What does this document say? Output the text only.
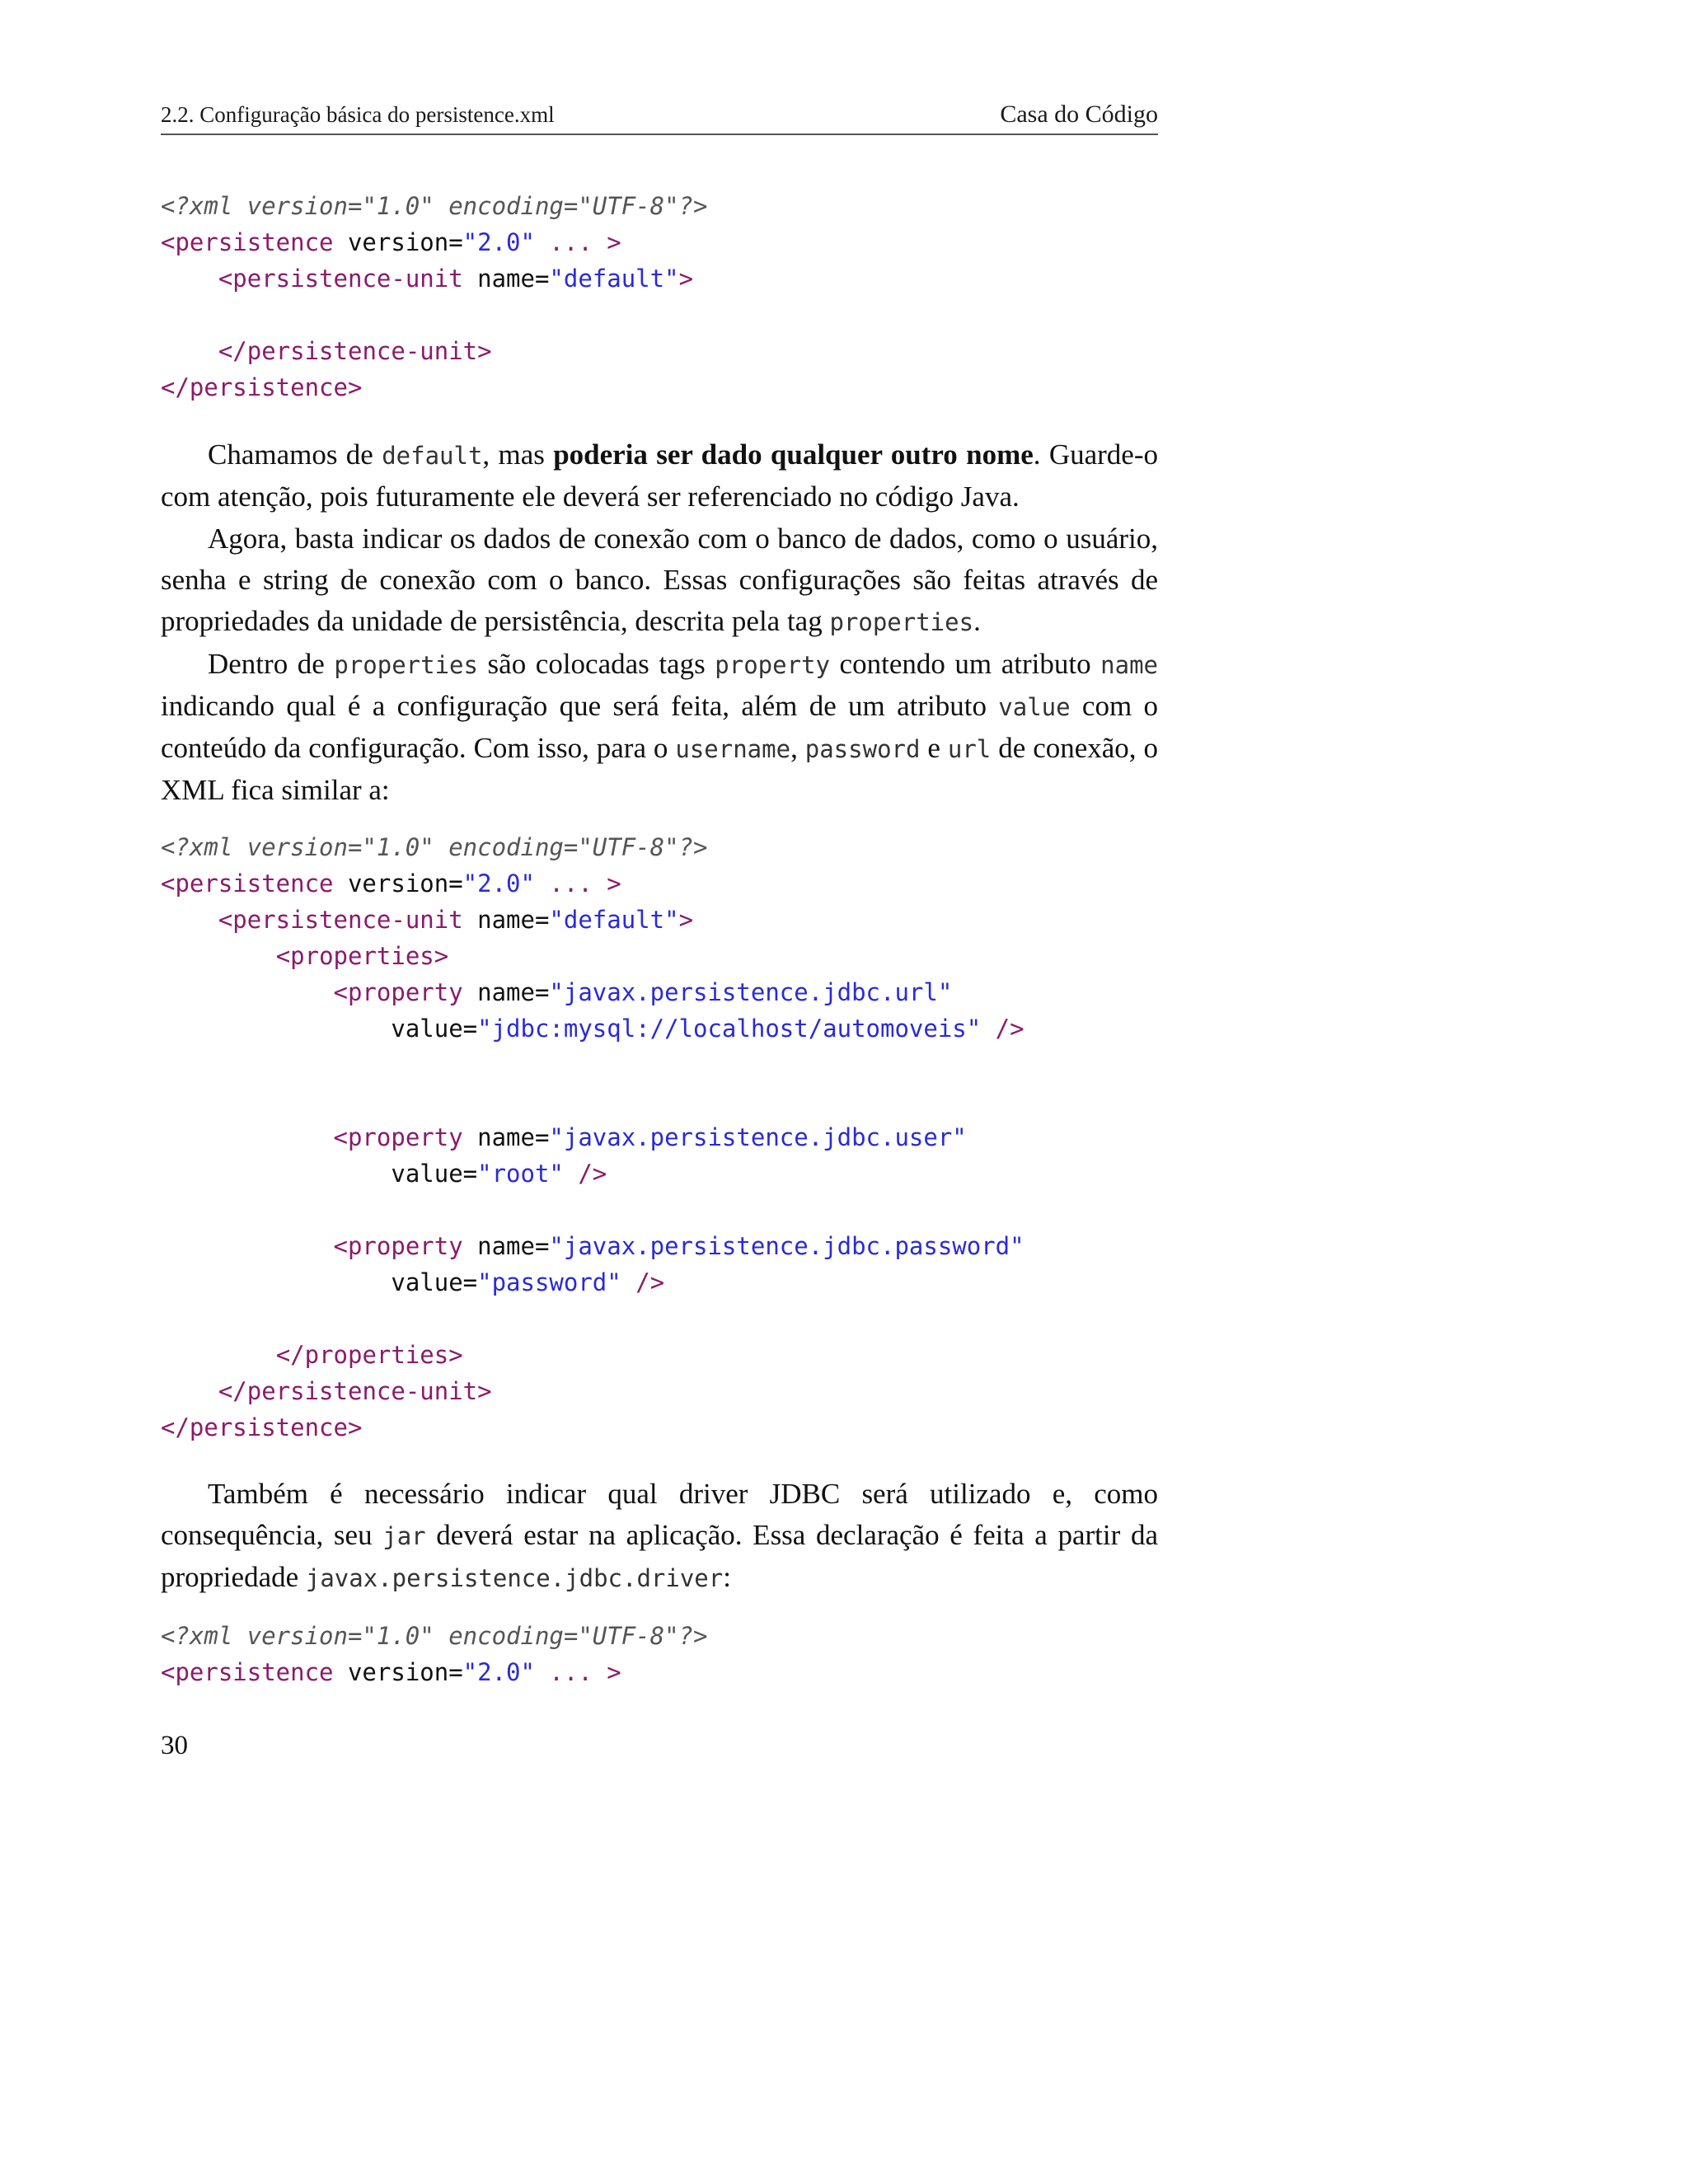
2.2. Configuração básica do persistence.xml	Casa do Código
<?xml version="1.0" encoding="UTF-8"?>
<persistence version="2.0" ... >
<persistence-unit name="default">

</persistence-unit>
</persistence>

Chamamos de default, mas poderia ser dado qualquer outro nome. Guarde-o com atenção, pois futuramente ele deverá ser referenciado no código Java.

Agora, basta indicar os dados de conexão com o banco de dados, como o usuário, senha e string de conexão com o banco. Essas configurações são feitas através de propriedades da unidade de persistência, descrita pela tag properties.

Dentro de properties são colocadas tags property contendo um atributo name indicando qual é a configuração que será feita, além de um atributo value com o conteúdo da configuração. Com isso, para o username, password e url de conexão, o XML fica similar a:

<?xml version="1.0" encoding="UTF-8"?>
<persistence version="2.0" ... >
<persistence-unit name="default">
<properties>
<property name="javax.persistence.jdbc.url"
value="jdbc:mysql://localhost/automoveis" />

<property name="javax.persistence.jdbc.user"
value="root" />

<property name="javax.persistence.jdbc.password"
value="password" />

</properties>
</persistence-unit>
</persistence>

Também é necessário indicar qual driver JDBC será utilizado e, como consequência, seu jar deverá estar na aplicação. Essa declaração é feita a partir da propriedade javax.persistence.jdbc.driver:

<?xml version="1.0" encoding="UTF-8"?>
<persistence version="2.0" ... >
30
